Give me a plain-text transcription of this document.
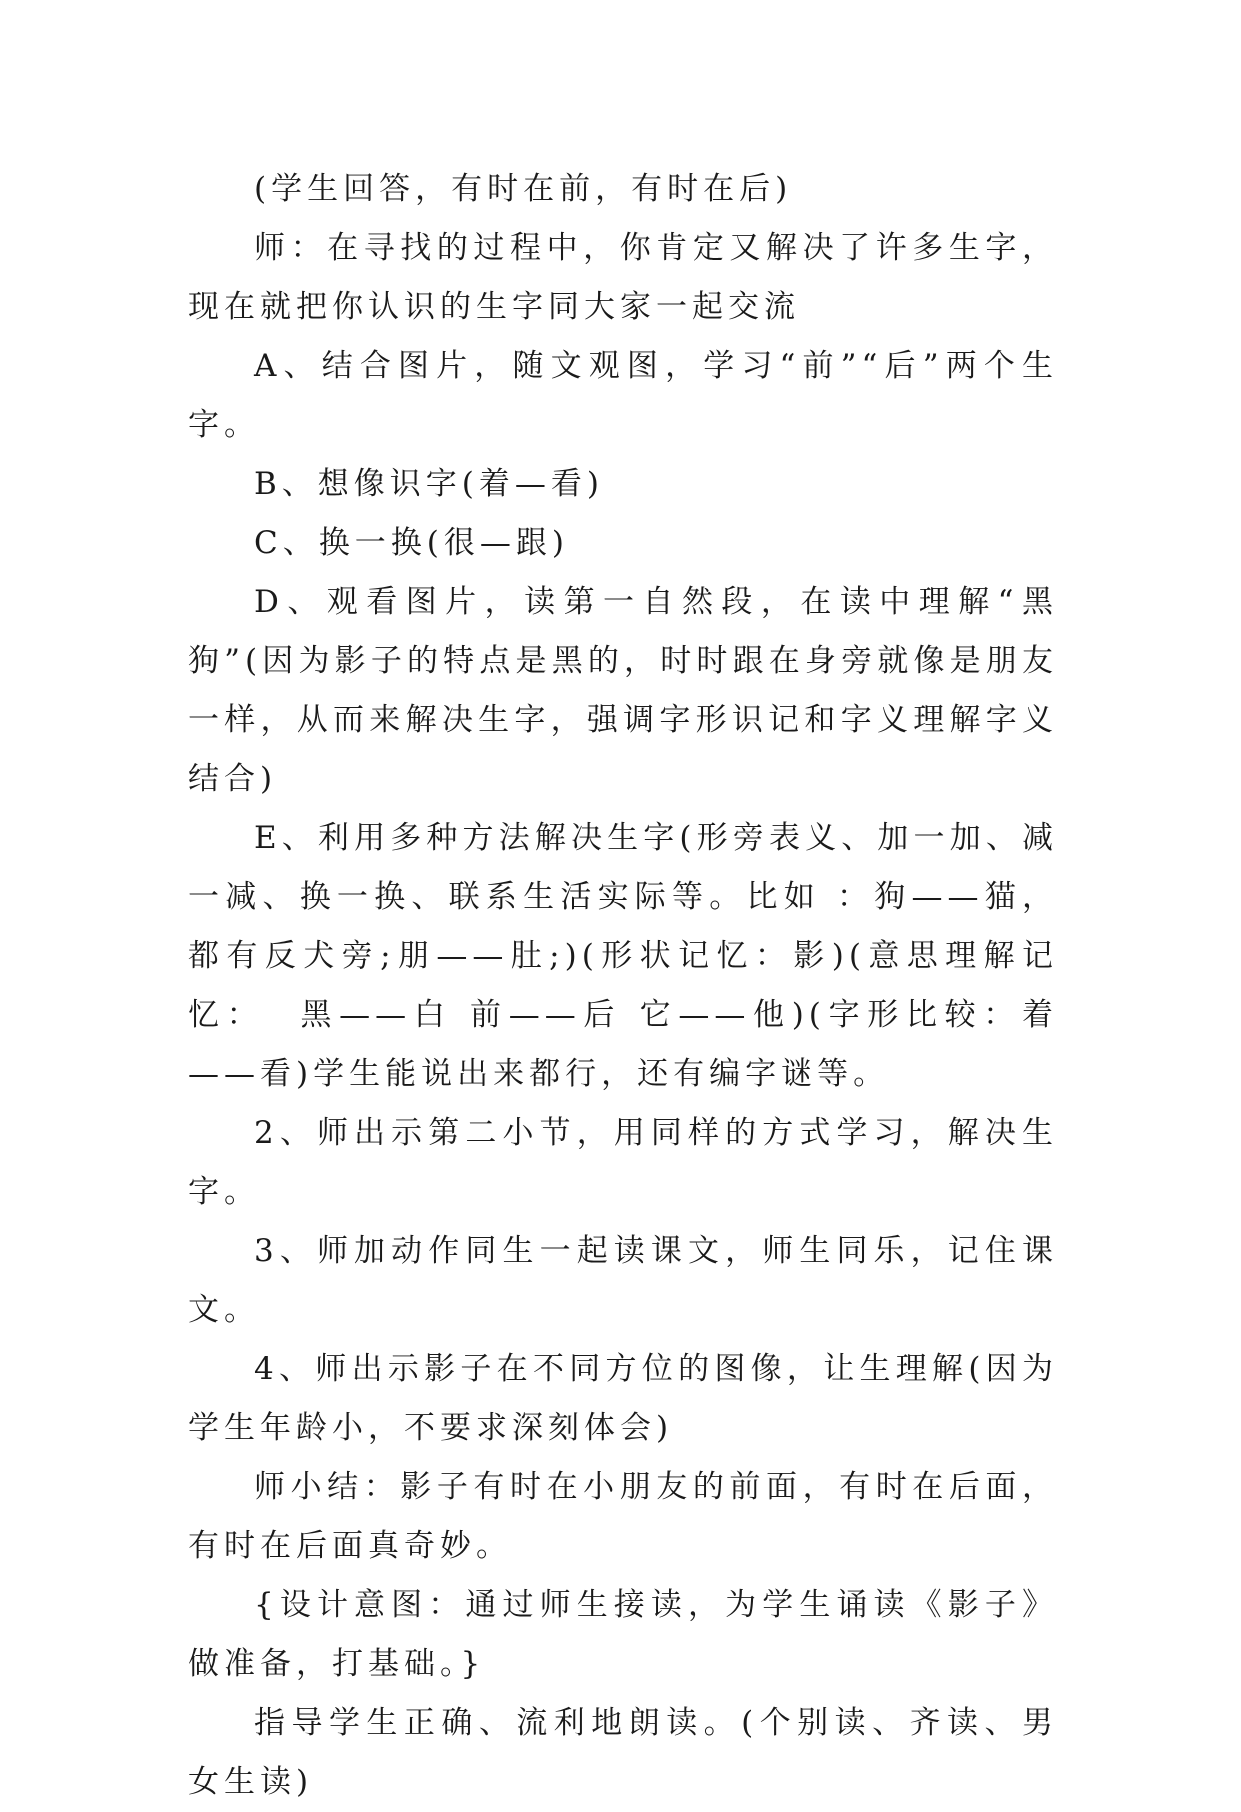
(学生回答，有时在前，有时在后)

师：在寻找的过程中，你肯定又解决了许多生字，现在就把你认识的生字同大家一起交流

A、结合图片，随文观图，学习“前”“后”两个生字。

B、想像识字(着—看)

C、换一换(很—跟)

D、观看图片，读第一自然段，在读中理解“黑狗”(因为影子的特点是黑的，时时跟在身旁就像是朋友一样，从而来解决生字，强调字形识记和字义理解字义结合)

E、利用多种方法解决生字(形旁表义、加一加、减一减、换一换、联系生活实际等。比如 ：狗——猫，都有反犬旁;朋——肚;)(形状记忆：影)(意思理解记忆：  黑——白 前——后 它——他)(字形比较：着——看)学生能说出来都行，还有编字谜等。

2、师出示第二小节，用同样的方式学习，解决生字。

3、师加动作同生一起读课文，师生同乐，记住课文。

4、师出示影子在不同方位的图像，让生理解(因为学生年龄小，不要求深刻体会)

师小结：影子有时在小朋友的前面，有时在后面，有时在后面真奇妙。

{设计意图：通过师生接读，为学生诵读《影子》做准备，打基础。}

指导学生正确、流利地朗读。(个别读、齐读、男女生读)
